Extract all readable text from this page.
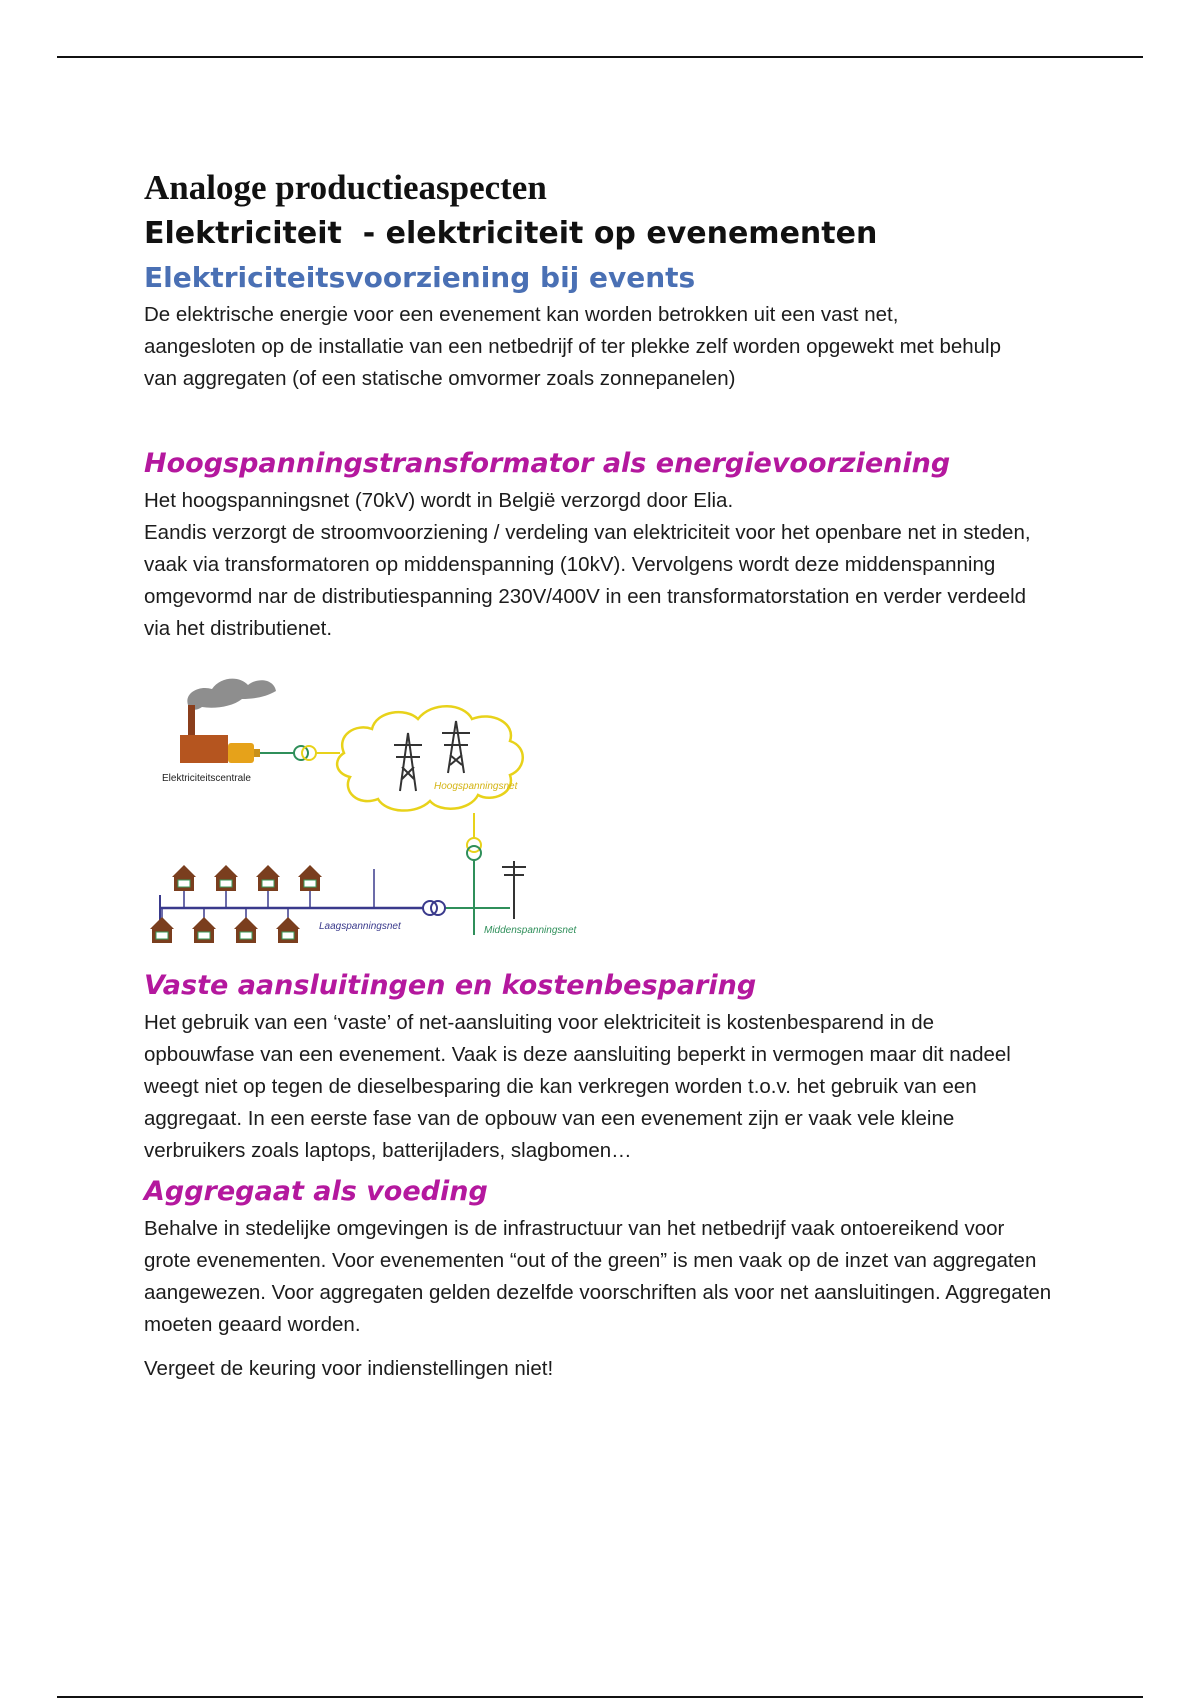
Analoge productieaspecten
Elektriciteit  - elektriciteit op evenementen
Elektriciteitsvoorziening bij events

De elektrische energie voor een evenement kan worden betrokken uit een vast net, aangesloten op de installatie van een netbedrijf of ter plekke zelf worden opgewekt met behulp van aggregaten (of een statische omvormer zoals zonnepanelen)

Hoogspanningstransformator als energievoorziening

Het hoogspanningsnet (70kV) wordt in België verzorgd door Elia.

Eandis verzorgt de stroomvoorziening / verdeling van elektriciteit voor het openbare net in steden, vaak via transformatoren op middenspanning (10kV). Vervolgens wordt deze middenspanning omgevormd nar de distributiespanning 230V/400V in een transformatorstation en verder verdeeld via het distributienet.

Elektriciteitscentrale
Hoogspanningsnet
Middenspanningsnet
Laagspanningsnet
Vaste aansluitingen en kostenbesparing

Het gebruik van een ‘vaste’ of net-aansluiting voor elektriciteit is kostenbesparend in de opbouwfase van een evenement. Vaak is deze aansluiting beperkt in vermogen maar dit nadeel weegt niet op tegen de dieselbesparing die kan verkregen worden t.o.v. het gebruik van een aggregaat. In een eerste fase van de opbouw van een evenement zijn er vaak vele kleine verbruikers zoals laptops, batterijladers, slagbomen…

Aggregaat als voeding

Behalve in stedelijke omgevingen is de infrastructuur van het netbedrijf vaak ontoereikend voor grote evenementen. Voor evenementen “out of the green” is men vaak op de inzet van aggregaten aangewezen. Voor aggregaten gelden dezelfde voorschriften als voor net aansluitingen. Aggregaten moeten geaard worden.

Vergeet de keuring voor indienstellingen niet!
